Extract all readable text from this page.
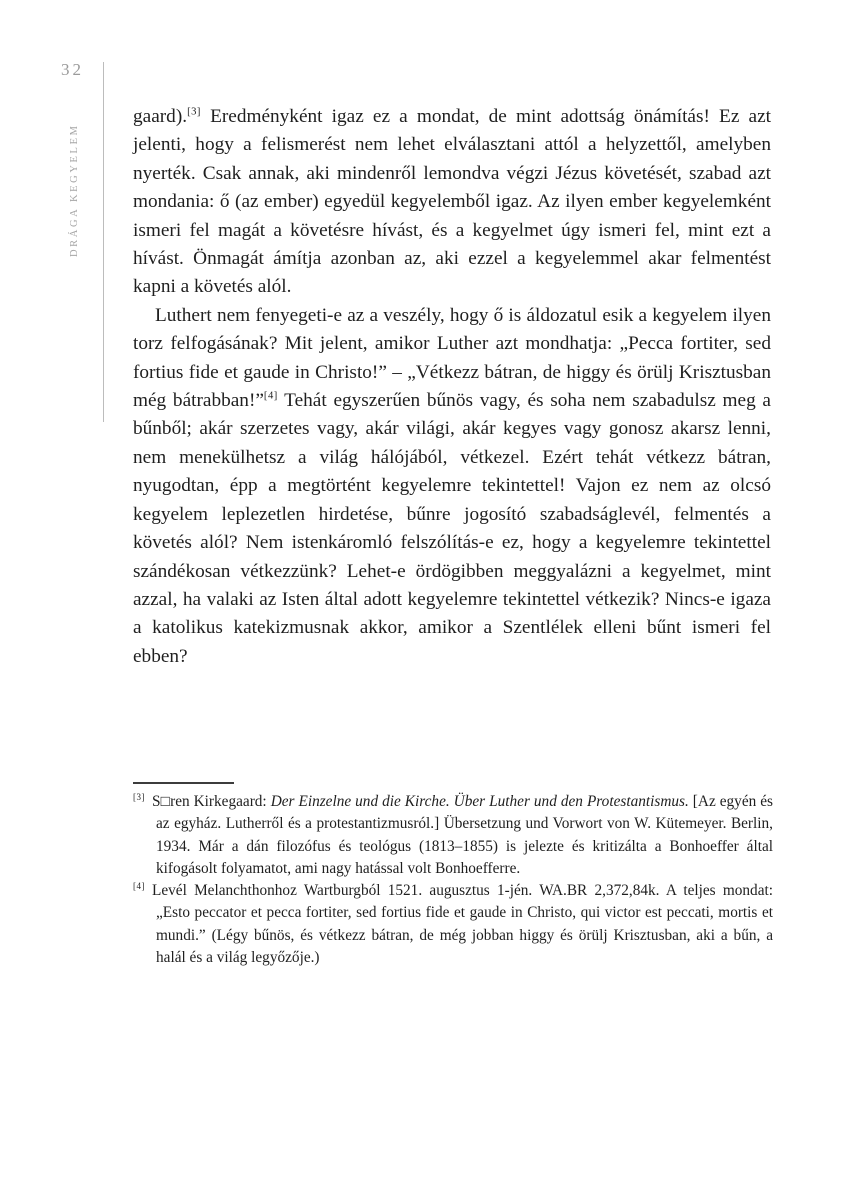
32
DRÁGA KEGYELEM

gaard).[3] Eredményként igaz ez a mondat, de mint adottság önámítás! Ez azt jelenti, hogy a felismerést nem lehet elválasztani attól a helyzettől, amelyben nyerték. Csak annak, aki mindenről lemondva végzi Jézus követését, szabad azt mondania: ő (az ember) egyedül kegyelemből igaz. Az ilyen ember kegyelemként ismeri fel magát a követésre hívást, és a kegyelmet úgy ismeri fel, mint ezt a hívást. Önmagát ámítja azonban az, aki ezzel a kegyelemmel akar felmentést kapni a követés alól.

Luthert nem fenyegeti-e az a veszély, hogy ő is áldozatul esik a kegyelem ilyen torz felfogásának? Mit jelent, amikor Luther azt mondhatja: „Pecca fortiter, sed fortius fide et gaude in Christo!” – „Vétkezz bátran, de higgy és örülj Krisztusban még bátrabban!”[4] Tehát egyszerűen bűnös vagy, és soha nem szabadulsz meg a bűnből; akár szerzetes vagy, akár világi, akár kegyes vagy gonosz akarsz lenni, nem menekülhetsz a világ hálójából, vétkezel. Ezért tehát vétkezz bátran, nyugodtan, épp a megtörtént kegyelemre tekintettel! Vajon ez nem az olcsó kegyelem leplezetlen hirdetése, bűnre jogosító szabadságlevél, felmentés a követés alól? Nem istenkáromló felszólítás-e ez, hogy a kegyelemre tekintettel szándékosan vétkezzünk? Lehet-e ördögibben meggyalázni a kegyelmet, mint azzal, ha valaki az Isten által adott kegyelemre tekintettel vétkezik? Nincs-e igaza a katolikus katekizmusnak akkor, amikor a Szentlélek elleni bűnt ismeri fel ebben?

[3] S□ren Kirkegaard: Der Einzelne und die Kirche. Über Luther und den Protestantismus. [Az egyén és az egyház. Lutherről és a protestantizmusról.] Übersetzung und Vorwort von W. Kütemeyer. Berlin, 1934. Már a dán filozófus és teológus (1813–1855) is jelezte és kritizálta a Bonhoeffer által kifogásolt folyamatot, ami nagy hatással volt Bonhoefferre.

[4] Levél Melanchthonhoz Wartburgból 1521. augusztus 1-jén. WA.BR 2,372,84k. A teljes mondat: „Esto peccator et pecca fortiter, sed fortius fide et gaude in Christo, qui victor est peccati, mortis et mundi.” (Légy bűnös, és vétkezz bátran, de még jobban higgy és örülj Krisztusban, aki a bűn, a halál és a világ legyőzője.)
